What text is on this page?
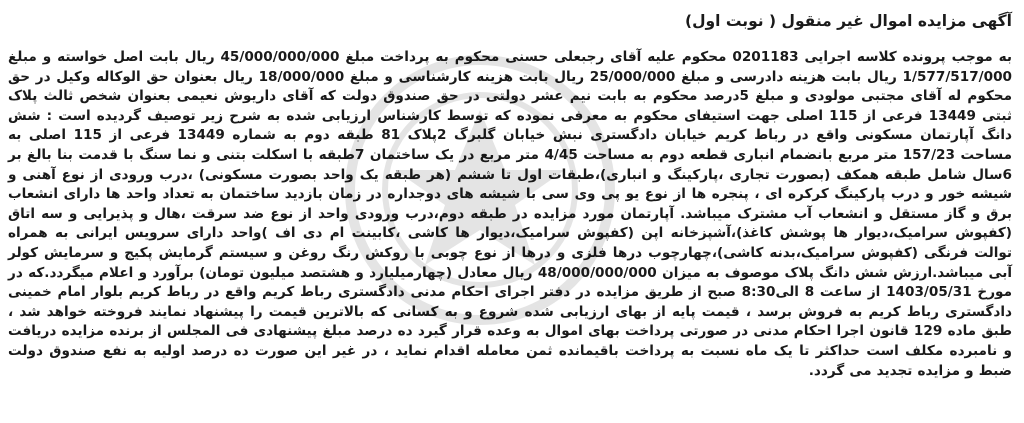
آگهی مزایده اموال غیر منقول ( نوبت اول)

به موجب پرونده کلاسه اجرایی 0201183 محکوم علیه آقای رجبعلی حسنی محکوم به پرداخت مبلغ 45/000/000/000 ریال بابت اصل خواسته و مبلغ 1/577/517/000 ریال بابت هزینه دادرسی و مبلغ 25/000/000 ریال بابت هزینه کارشناسی و مبلغ 18/000/000 ریال بعنوان حق الوکاله وکیل در حق محکوم له آقای مجتبی مولودی و مبلغ 5درصد محکوم به بابت نیم عشر دولتی در حق صندوق دولت که آقای داریوش نعیمی بعنوان شخص ثالث پلاک ثبتی 13449 فرعی از 115 اصلی جهت استیفای محکوم به معرفی نموده که توسط کارشناس ارزیابی شده به شرح زیر توصیف گردیده است : شش دانگ آپارتمان مسکونی واقع در رباط کریم خیابان دادگستری نبش خیابان گلبرگ 2پلاک 81 طبقه دوم به شماره 13449 فرعی از 115 اصلی به مساحت 157/23 متر مربع بانضمام انباری قطعه دوم به مساحت 4/45 متر مربع در یک ساختمان 7طبقه با اسکلت بتنی و نما سنگ با قدمت بنا بالغ بر 6سال شامل طبقه همکف (بصورت تجاری ،پارکینگ و انباری)،طبقات اول تا ششم (هر طبقه یک واحد بصورت مسکونی) ،درب ورودی از نوع آهنی و شیشه خور و درب پارکینگ کرکره ای ، پنجره ها از نوع یو پی وی سی با شیشه های دوجداره در زمان بازدید ساختمان به تعداد واحد ها دارای انشعاب برق و گاز مستقل و انشعاب آب مشترک میباشد. آپارتمان مورد مزایده در طبقه دوم،درب ورودی واحد از نوع ضد سرقت ،هال و پذیرایی و سه اتاق (کفپوش سرامیک،دیوار ها پوشش کاغذ)،آشپزخانه اپن (کفپوش سرامیک،دیوار ها کاشی ،کابینت ام دی اف )واحد دارای سرویس ایرانی به همراه توالت فرنگی (کفپوش سرامیک،بدنه کاشی)،چهارچوب درها فلزی و درها از نوع چوبی با روکش رنگ روغن و سیستم گرمایش پکیج و سرمایش کولر آبی میباشد.ارزش شش دانگ پلاک موصوف به میزان 48/000/000/000 ریال معادل (چهارمیلیارد و هشتصد میلیون تومان) برآورد و اعلام میگردد.که در مورخ 1403/05/31 از ساعت 8 الی8:30 صبح از طریق مزایده در دفتر اجرای احکام مدنی دادگستری رباط کریم واقع در رباط کریم بلوار امام خمینی دادگستری رباط کریم به فروش برسد ، قیمت پایه از بهای ارزیابی شده شروع و به کسانی که بالاترین قیمت را پیشنهاد نمایند فروخته خواهد شد ، طبق ماده 129 قانون اجرا احکام مدنی در صورتی پرداخت بهای اموال به وعده قرار گیرد ده درصد مبلغ پیشنهادی فی المجلس از برنده مزایده دریافت و نامبرده مکلف است حداکثر تا یک ماه نسبت به پرداخت باقیمانده ثمن معامله اقدام نماید ، در غیر این صورت ده درصد اولیه به نفع صندوق دولت ضبط و مزایده تجدید می گردد.
